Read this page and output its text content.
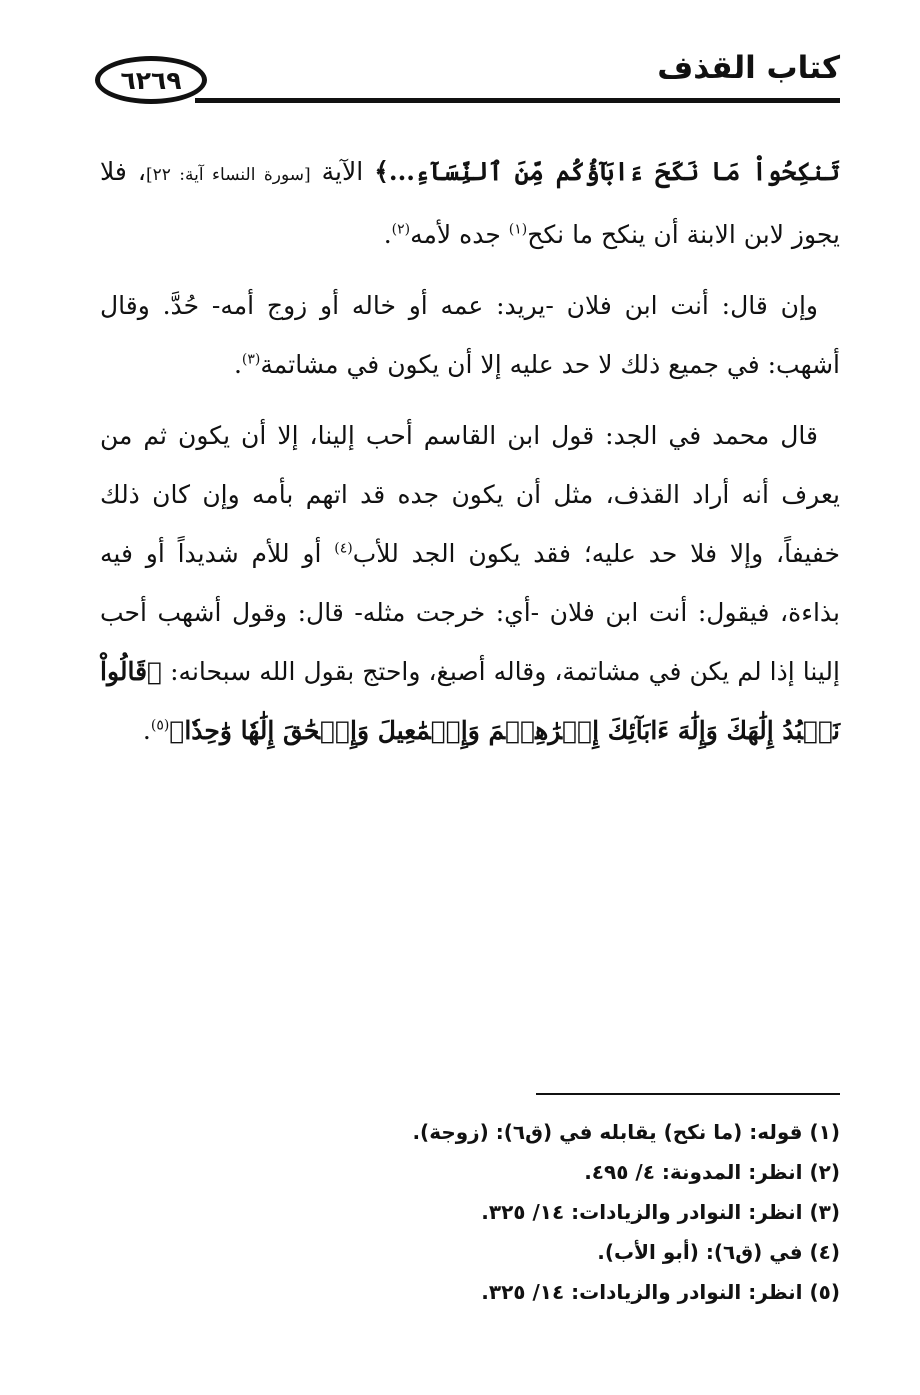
٦٢٦٩	كتاب القذف

تَنكِحُواْ مَا نَكَحَ ءَابَآؤُكُم مِّنَ ٱلنِّسَآءِ...﴾ الآية [سورة النساء آية: ٢٢]، فلا يجوز لابن الابنة أن ينكح ما نكح$^{(١)}$ جده لأمه$^{(٢)}$.

وإن قال: أنت ابن فلان -يريد: عمه أو خاله أو زوج أمه- حُدَّ. وقال أشهب: في جميع ذلك لا حد عليه إلا أن يكون في مشاتمة$^{(٣)}$.

قال محمد في الجد: قول ابن القاسم أحب إلينا، إلا أن يكون ثم من يعرف أنه أراد القذف، مثل أن يكون جده قد اتهم بأمه وإن كان ذلك خفيفاً، وإلا فلا حد عليه؛ فقد يكون الجد للأب$^{(٤)}$ أو للأم شديداً أو فيه بذاءة، فيقول: أنت ابن فلان -أي: خرجت مثله- قال: وقول أشهب أحب إلينا إذا لم يكن في مشاتمة، وقاله أصبغ، واحتج بقول الله سبحانه: ﴿قَالُواْ نَعۡبُدُ إِلَٰهَكَ وَإِلَٰهَ ءَابَآئِكَ إِبۡرَٰهِـۧمَ وَإِسۡمَٰعِيلَ وَإِسۡحَٰقَ إِلَٰهٗا وَٰحِدٗا﴾$^{(٥)}$.

(١) قوله: (ما نكح) يقابله في (ق٦): (زوجة).
(٢) انظر: المدونة: ٤/ ٤٩٥.
(٣) انظر: النوادر والزيادات: ١٤/ ٣٢٥.
(٤) في (ق٦): (أبو الأب).
(٥) انظر: النوادر والزيادات: ١٤/ ٣٢٥.
